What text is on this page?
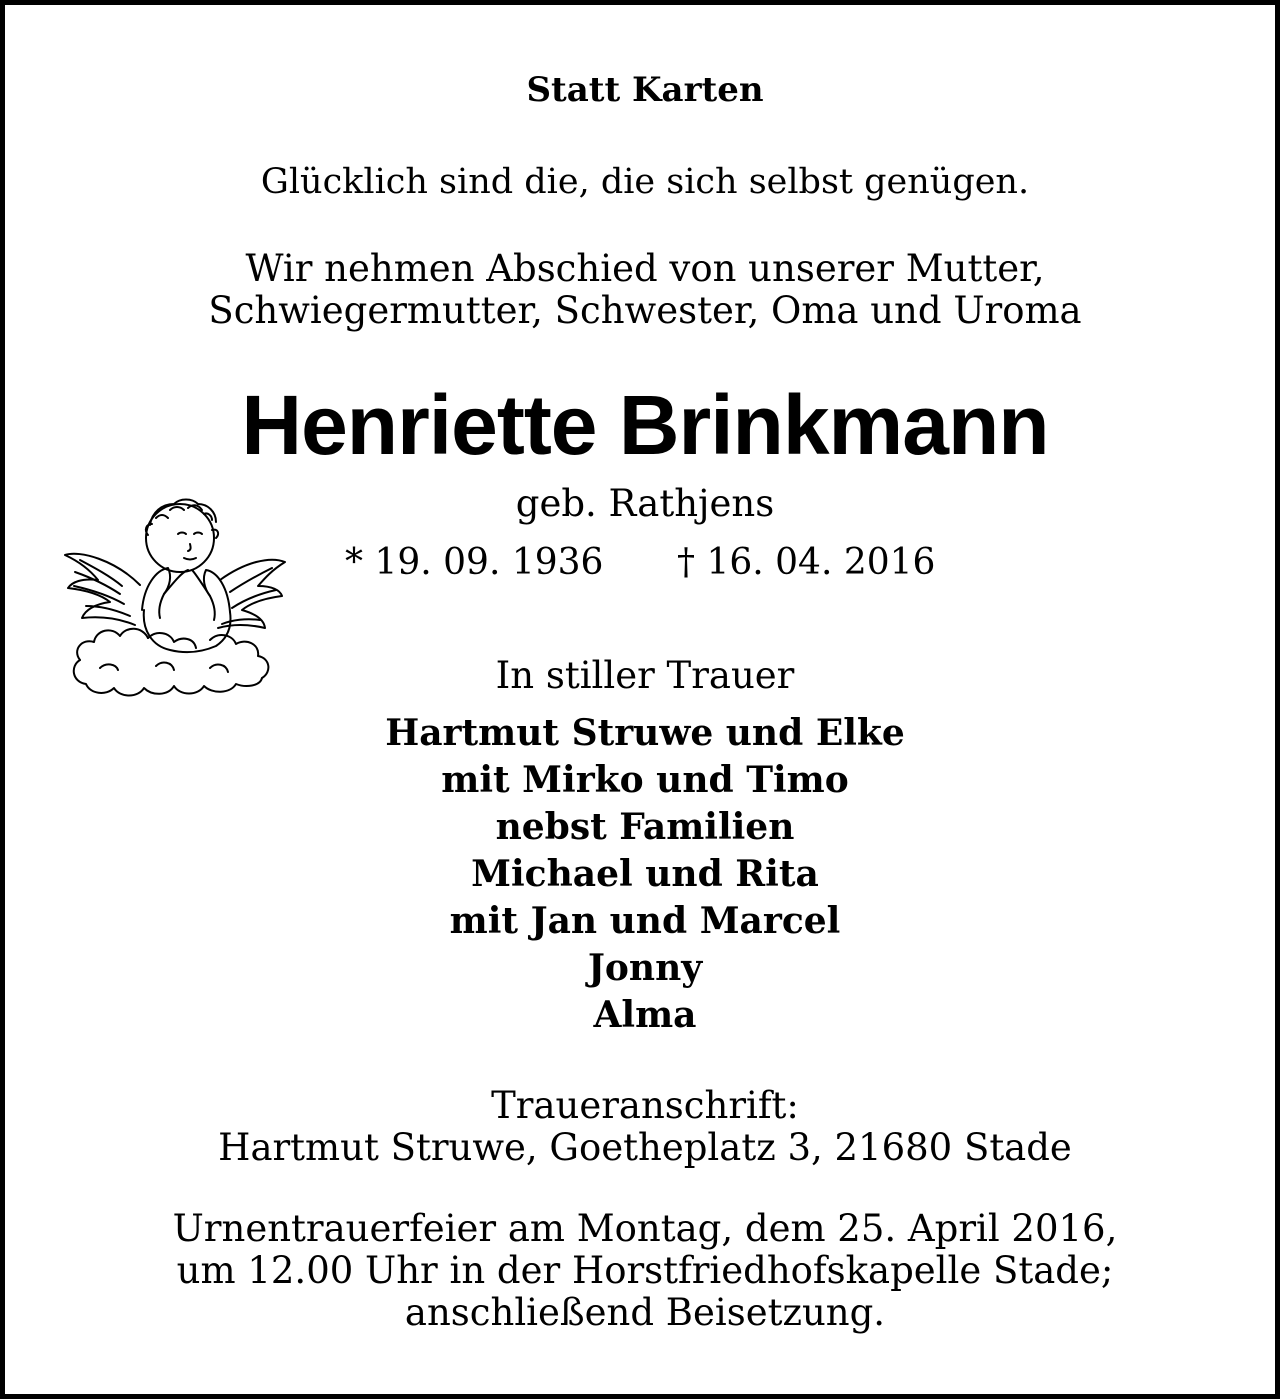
Statt Karten
Glücklich sind die, die sich selbst genügen.
Wir nehmen Abschied von unserer Mutter,
Schwiegermutter, Schwester, Oma und Uroma
Henriette Brinkmann
geb. Rathjens
* 19. 09. 1936 † 16. 04. 2016
In stiller Trauer
Hartmut Struwe und Elke
mit Mirko und Timo
nebst Familien
Michael und Rita
mit Jan und Marcel
Jonny
Alma
Traueranschrift:
Hartmut Struwe, Goetheplatz 3, 21680 Stade
Urnentrauerfeier am Montag, dem 25. April 2016,
um 12.00 Uhr in der Horstfriedhofskapelle Stade;
anschließend Beisetzung.
